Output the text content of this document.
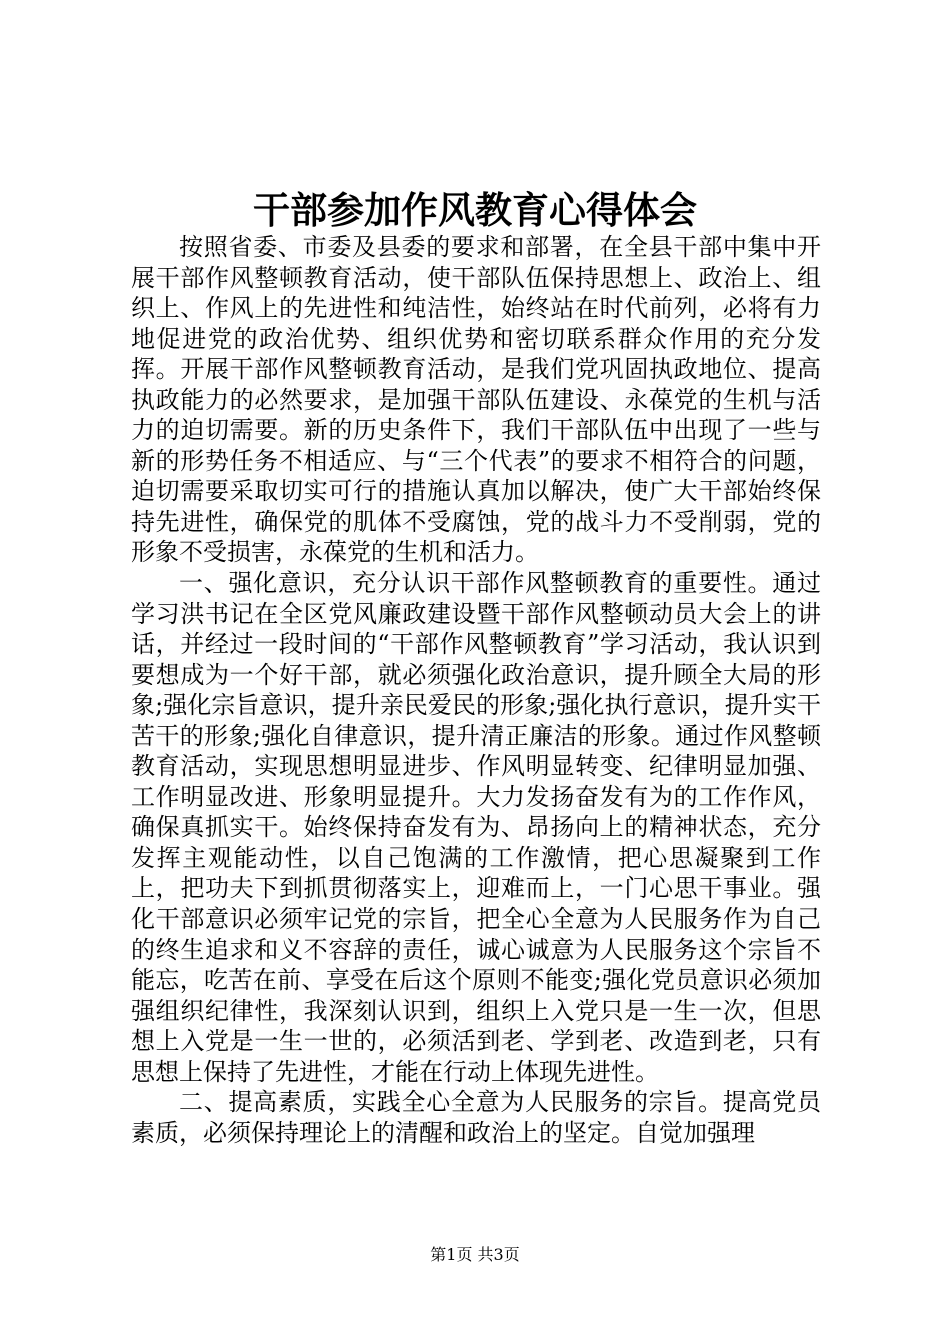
干部参加作风教育心得体会

按照省委、市委及县委的要求和部署，在全县干部中集中开展干部作风整顿教育活动，使干部队伍保持思想上、政治上、组织上、作风上的先进性和纯洁性，始终站在时代前列，必将有力地促进党的政治优势、组织优势和密切联系群众作用的充分发挥。开展干部作风整顿教育活动，是我们党巩固执政地位、提高执政能力的必然要求，是加强干部队伍建设、永葆党的生机与活力的迫切需要。新的历史条件下，我们干部队伍中出现了一些与新的形势任务不相适应、与“三个代表”的要求不相符合的问题，迫切需要采取切实可行的措施认真加以解决，使广大干部始终保持先进性，确保党的肌体不受腐蚀，党的战斗力不受削弱，党的形象不受损害，永葆党的生机和活力。

一、强化意识，充分认识干部作风整顿教育的重要性。通过学习洪书记在全区党风廉政建设暨干部作风整顿动员大会上的讲话，并经过一段时间的“干部作风整顿教育”学习活动，我认识到要想成为一个好干部，就必须强化政治意识，提升顾全大局的形象;强化宗旨意识，提升亲民爱民的形象;强化执行意识，提升实干苦干的形象;强化自律意识，提升清正廉洁的形象。通过作风整顿教育活动，实现思想明显进步、作风明显转变、纪律明显加强、工作明显改进、形象明显提升。大力发扬奋发有为的工作作风，确保真抓实干。始终保持奋发有为、昂扬向上的精神状态，充分发挥主观能动性，以自己饱满的工作激情，把心思凝聚到工作上，把功夫下到抓贯彻落实上，迎难而上，一门心思干事业。强化干部意识必须牢记党的宗旨，把全心全意为人民服务作为自己的终生追求和义不容辞的责任，诚心诚意为人民服务这个宗旨不能忘，吃苦在前、享受在后这个原则不能变;强化党员意识必须加强组织纪律性，我深刻认识到，组织上入党只是一生一次，但思想上入党是一生一世的，必须活到老、学到老、改造到老，只有思想上保持了先进性，才能在行动上体现先进性。

二、提高素质，实践全心全意为人民服务的宗旨。提高党员素质，必须保持理论上的清醒和政治上的坚定。自觉加强理

第1页 共3页
